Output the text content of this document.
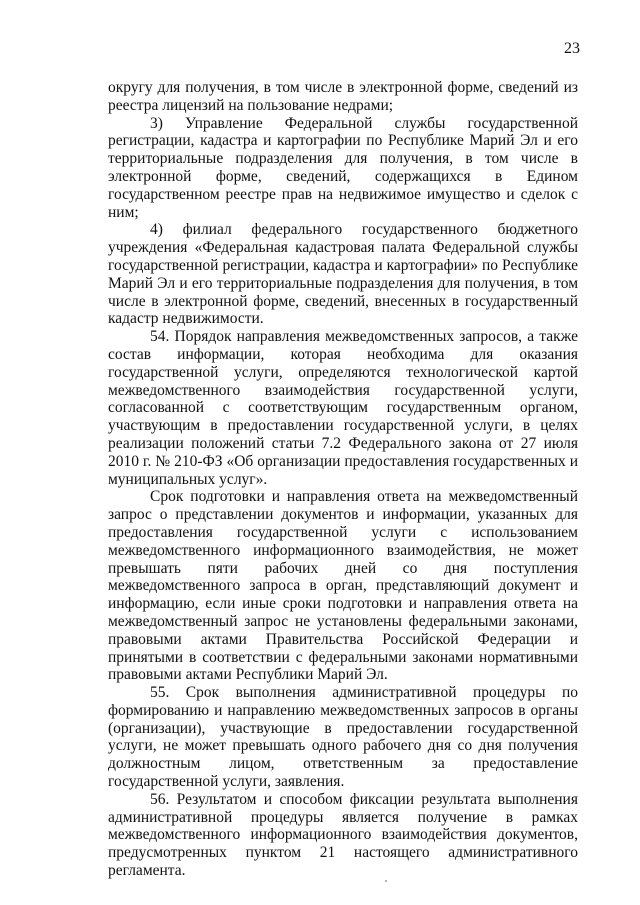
23

округу для получения, в том числе в электронной форме, сведений из реестра лицензий на пользование недрами;

3) Управление Федеральной службы государственной регистрации, кадастра и картографии по Республике Марий Эл и его территориальные подразделения для получения, в том числе в электронной форме, сведений, содержащихся в Едином государственном реестре прав на недвижимое имущество и сделок с ним;

4) филиал федерального государственного бюджетного учреждения «Федеральная кадастровая палата Федеральной службы государственной регистрации, кадастра и картографии» по Республике Марий Эл и его территориальные подразделения для получения, в том числе в электронной форме, сведений, внесенных в государственный кадастр недвижимости.

54. Порядок направления межведомственных запросов, а также состав информации, которая необходима для оказания государственной услуги, определяются технологической картой межведомственного взаимодействия государственной услуги, согласованной с соответствующим государственным органом, участвующим в предоставлении государственной услуги, в целях реализации положений статьи 7.2 Федерального закона от 27 июля 2010 г. № 210-ФЗ «Об организации предоставления государственных и муниципальных услуг».

Срок подготовки и направления ответа на межведомственный запрос о представлении документов и информации, указанных для предоставления государственной услуги с использованием межведомственного информационного взаимодействия, не может превышать пяти рабочих дней со дня поступления межведомственного запроса в орган, представляющий документ и информацию, если иные сроки подготовки и направления ответа на межведомственный запрос не установлены федеральными законами, правовыми актами Правительства Российской Федерации и принятыми в соответствии с федеральными законами нормативными правовыми актами Республики Марий Эл.

55. Срок выполнения административной процедуры по формированию и направлению межведомственных запросов в органы (организации), участвующие в предоставлении государственной услуги, не может превышать одного рабочего дня со дня получения должностным лицом, ответственным за предоставление государственной услуги, заявления.

56. Результатом и способом фиксации результата выполнения административной процедуры является получение в рамках межведомственного информационного взаимодействия документов, предусмотренных пунктом 21 настоящего административного регламента.
